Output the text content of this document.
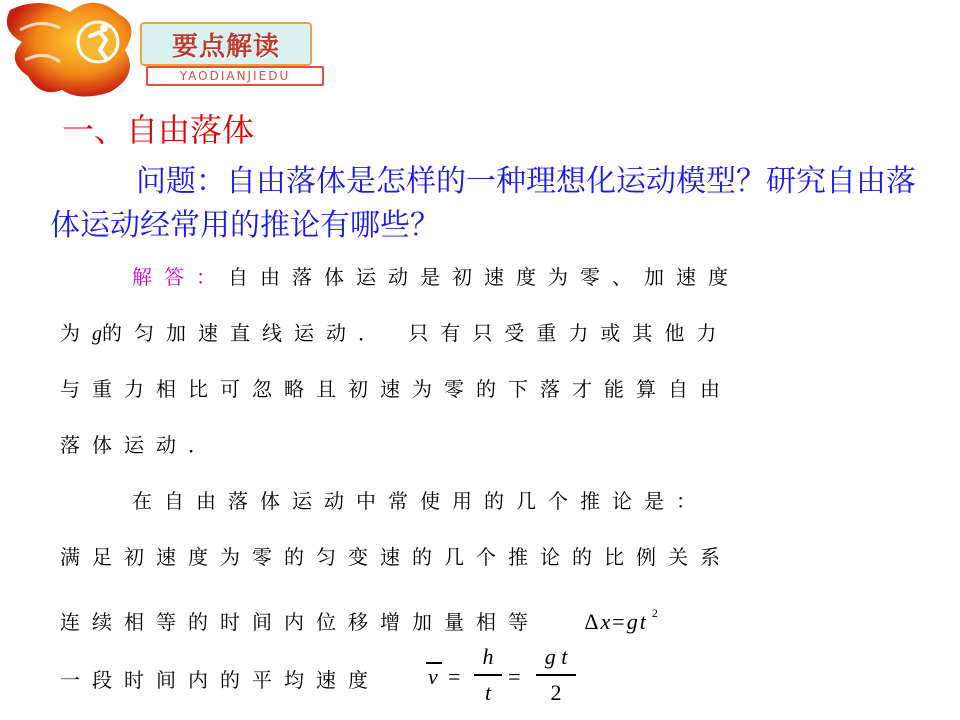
要点解读
YAODIANJIEDU
一、自由落体
问题：自由落体是怎样的一种理想化运动模型？研究自由落体运动经常用的推论有哪些？
解答：自由落体运动是初速度为零、加速度
为g的匀加速直线运动． 只有只受重力或其他力
与重力相比可忽略且初速为零的下落才能算自由
落体运动．
在自由落体运动中常使用的几个推论是：
满足初速度为零的匀变速的几个推论的比例关系
连续相等的时间内位移增加量相等 Δx=gt $^2$
一段时间内的平均速度 v =
h
t
=
g t
2
